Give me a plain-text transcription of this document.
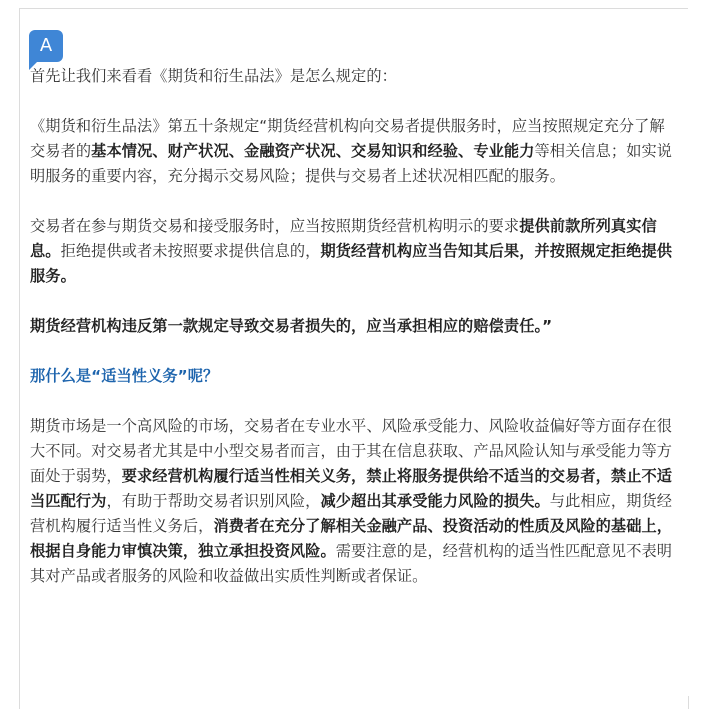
A

首先让我们来看看《期货和衍生品法》是怎么规定的：

《期货和衍生品法》第五十条规定“期货经营机构向交易者提供服务时，应当按照规定充分了解交易者的基本情况、财产状况、金融资产状况、交易知识和经验、专业能力等相关信息；如实说明服务的重要内容，充分揭示交易风险；提供与交易者上述状况相匹配的服务。

交易者在参与期货交易和接受服务时，应当按照期货经营机构明示的要求提供前款所列真实信息。拒绝提供或者未按照要求提供信息的，期货经营机构应当告知其后果，并按照规定拒绝提供服务。

期货经营机构违反第一款规定导致交易者损失的，应当承担相应的赔偿责任。”

那什么是“适当性义务”呢？

期货市场是一个高风险的市场，交易者在专业水平、风险承受能力、风险收益偏好等方面存在很大不同。对交易者尤其是中小型交易者而言，由于其在信息获取、产品风险认知与承受能力等方面处于弱势，要求经营机构履行适当性相关义务，禁止将服务提供给不适当的交易者，禁止不适当匹配行为，有助于帮助交易者识别风险，减少超出其承受能力风险的损失。与此相应，期货经营机构履行适当性义务后，消费者在充分了解相关金融产品、投资活动的性质及风险的基础上，根据自身能力审慎决策，独立承担投资风险。需要注意的是，经营机构的适当性匹配意见不表明其对产品或者服务的风险和收益做出实质性判断或者保证。
